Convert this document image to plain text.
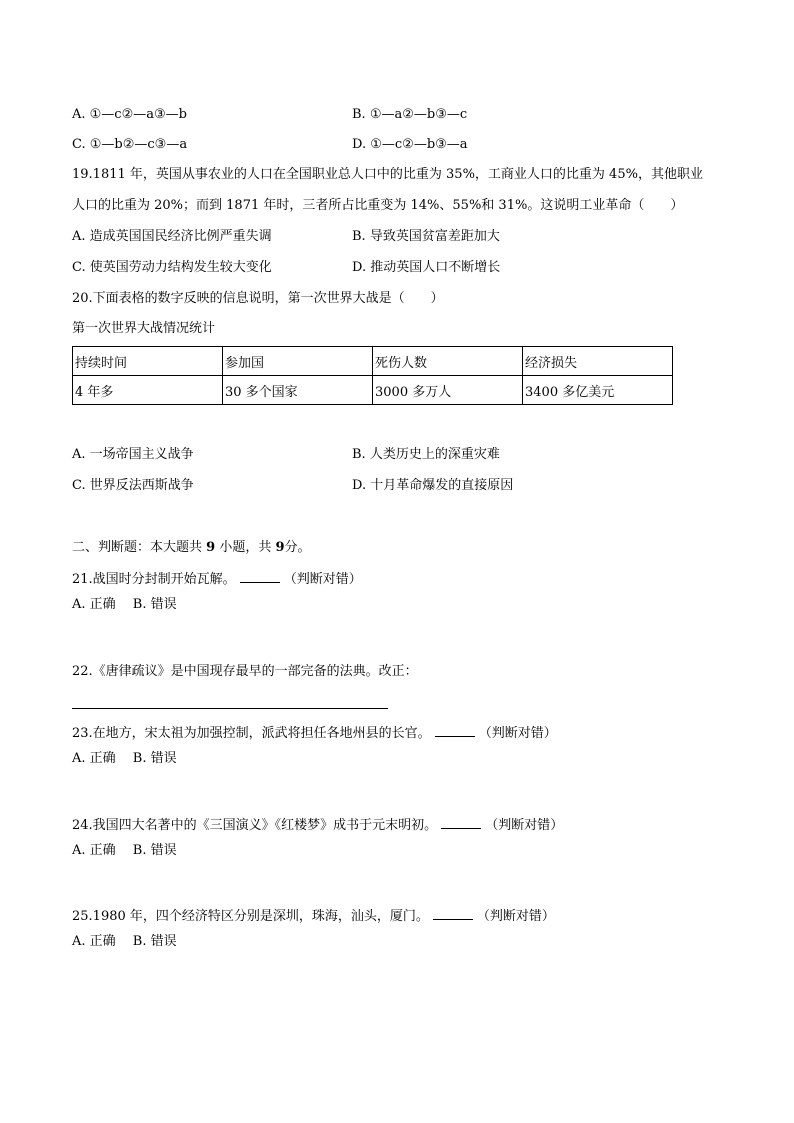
A. ①—c②—a③—b	B. ①—a②—b③—c
C. ①—b②—c③—a	D. ①—c②—b③—a
19.1811 年，英国从事农业的人口在全国职业总人口中的比重为 35%，工商业人口的比重为 45%，其他职业
人口的比重为 20%；而到 1871 年时，三者所占比重变为 14%、55%和 31%。这说明工业革命（　　）
A. 造成英国国民经济比例严重失调	B. 导致英国贫富差距加大
C. 使英国劳动力结构发生较大变化	D. 推动英国人口不断增长
20.下面表格的数字反映的信息说明，第一次世界大战是（　　）
第一次世界大战情况统计
持续时间	参加国	死伤人数	经济损失
4 年多	30 多个国家	3000 多万人	3400 多亿美元
A. 一场帝国主义战争	B. 人类历史上的深重灾难
C. 世界反法西斯战争	D. 十月革命爆发的直接原因
二、判断题：本大题共 9 小题，共 9分。
21.战国时分封制开始瓦解。	（判断对错）
A. 正确　 B. 错误
22.《唐律疏议》是中国现存最早的一部完备的法典。改正：
23.在地方，宋太祖为加强控制，派武将担任各地州县的长官。	（判断对错）
A. 正确　 B. 错误
24.我国四大名著中的《三国演义》《红楼梦》成书于元末明初。	（判断对错）
A. 正确　 B. 错误
25.1980 年，四个经济特区分别是深圳，珠海，汕头，厦门。	（判断对错）
A. 正确　 B. 错误
